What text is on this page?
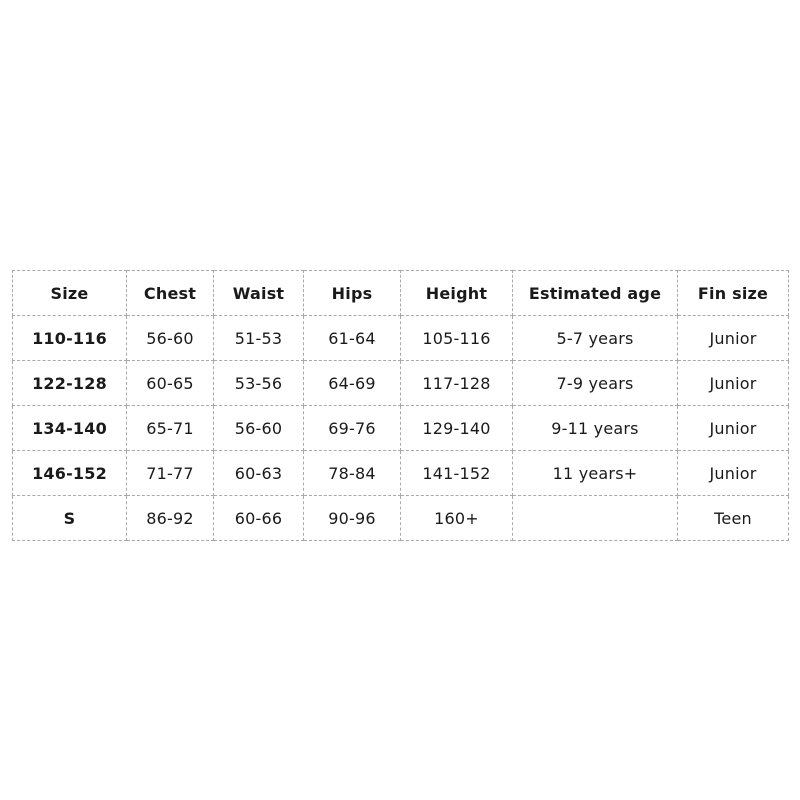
Size	Chest	Waist	Hips	Height	Estimated age	Fin size
110-116	56-60	51-53	61-64	105-116	5-7 years	Junior
122-128	60-65	53-56	64-69	117-128	7-9 years	Junior
134-140	65-71	56-60	69-76	129-140	9-11 years	Junior
146-152	71-77	60-63	78-84	141-152	11 years+	Junior
S	86-92	60-66	90-96	160+		Teen
